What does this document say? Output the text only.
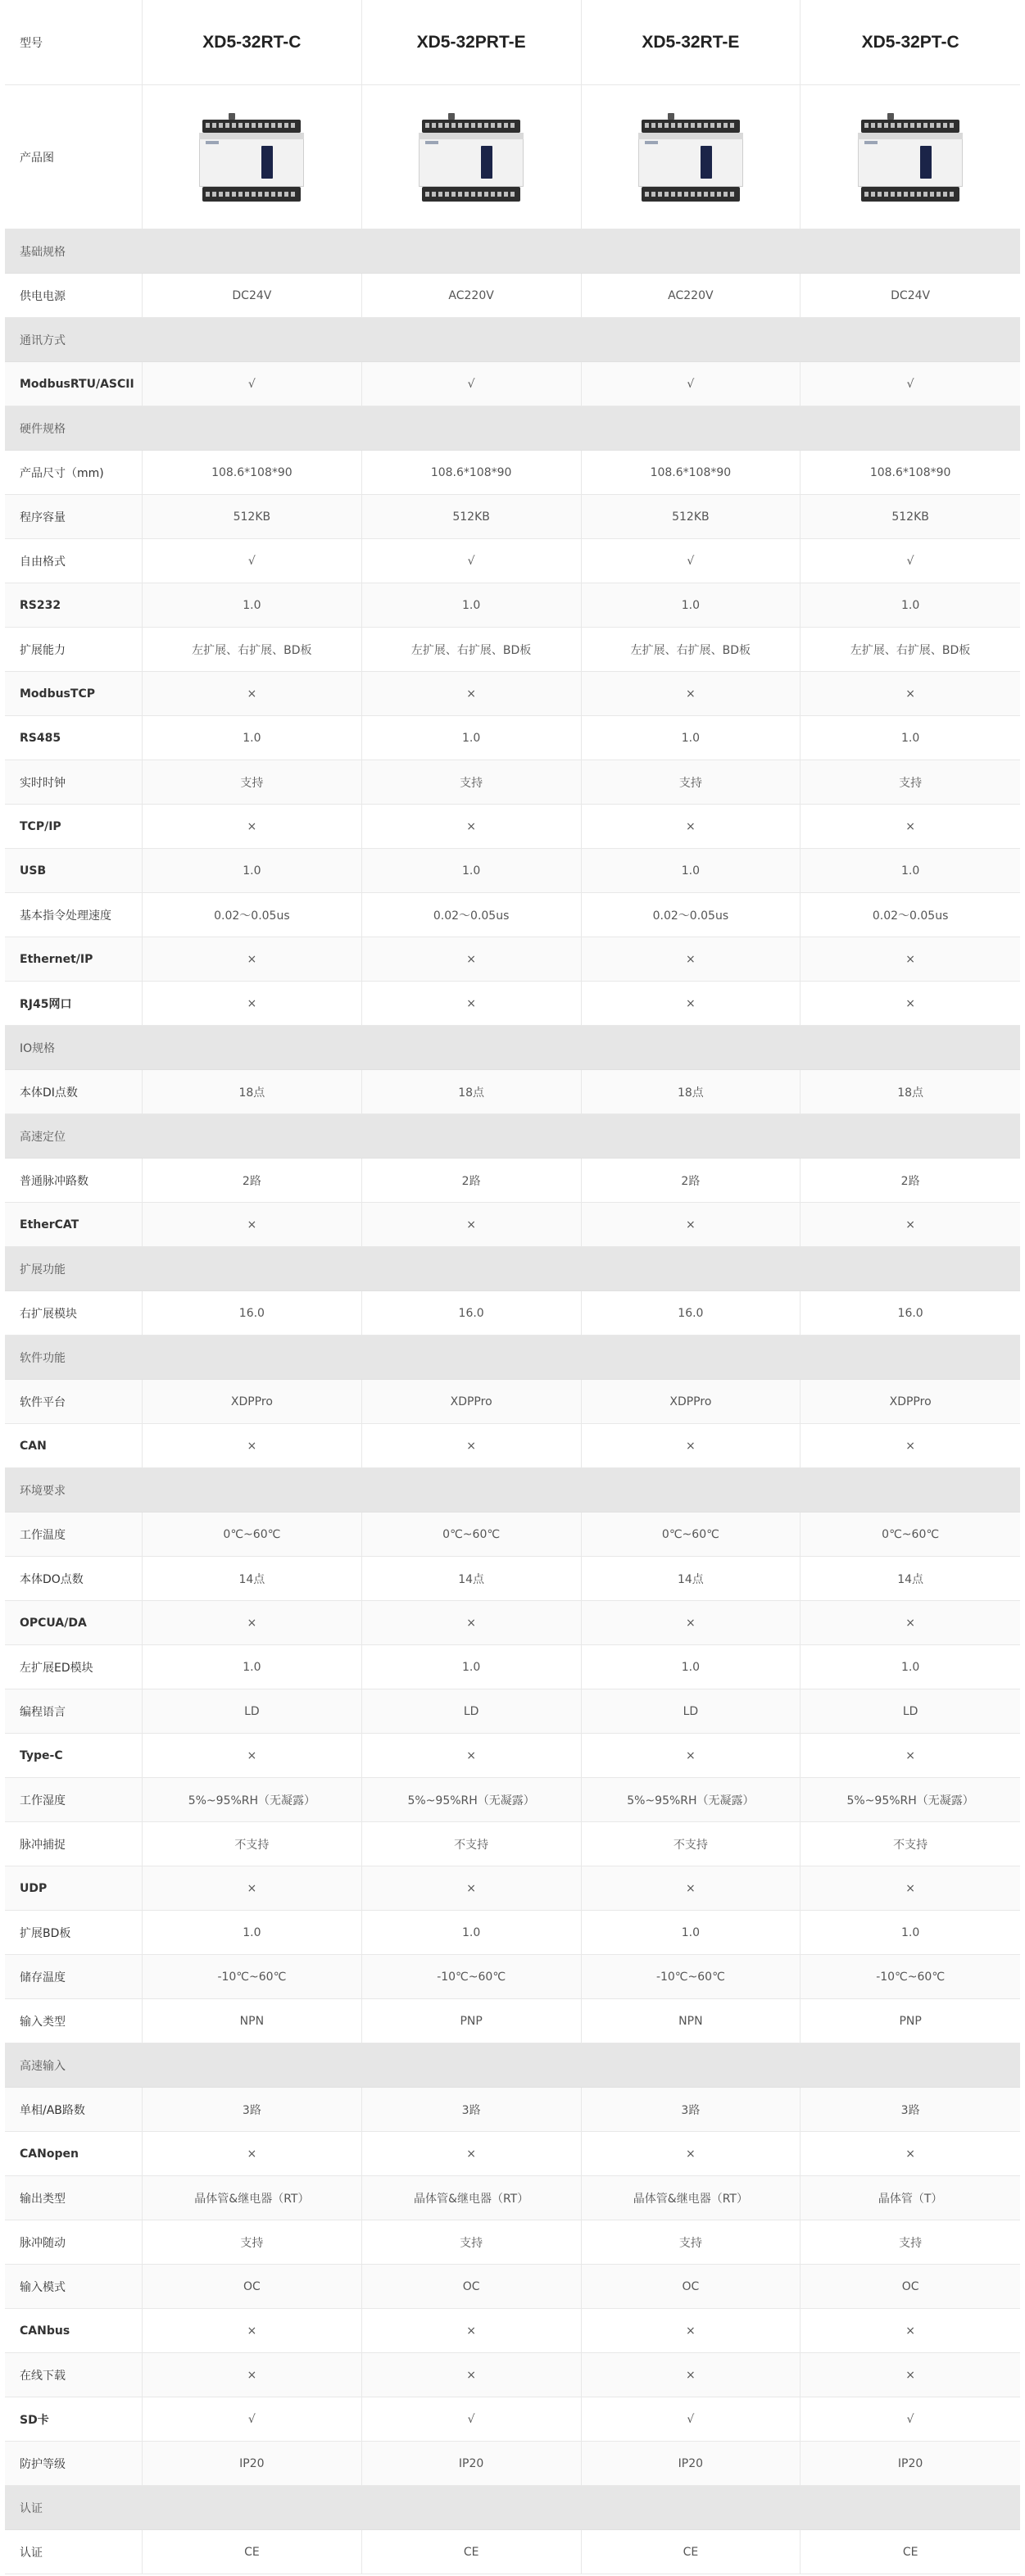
型号	XD5-32RT-C	XD5-32PRT-E	XD5-32RT-E	XD5-32PT-C
产品图
基础规格
供电电源	DC24V	AC220V	AC220V	DC24V
通讯方式
ModbusRTU/ASCII	√	√	√	√
硬件规格
产品尺寸（mm)	108.6*108*90	108.6*108*90	108.6*108*90	108.6*108*90
程序容量	512KB	512KB	512KB	512KB
自由格式	√	√	√	√
RS232	1.0	1.0	1.0	1.0
扩展能力	左扩展、右扩展、BD板	左扩展、右扩展、BD板	左扩展、右扩展、BD板	左扩展、右扩展、BD板
ModbusTCP	×	×	×	×
RS485	1.0	1.0	1.0	1.0
实时时钟	支持	支持	支持	支持
TCP/IP	×	×	×	×
USB	1.0	1.0	1.0	1.0
基本指令处理速度	0.02～0.05us	0.02～0.05us	0.02～0.05us	0.02～0.05us
Ethernet/IP	×	×	×	×
RJ45网口	×	×	×	×
IO规格
本体DI点数	18点	18点	18点	18点
高速定位
普通脉冲路数	2路	2路	2路	2路
EtherCAT	×	×	×	×
扩展功能
右扩展模块	16.0	16.0	16.0	16.0
软件功能
软件平台	XDPPro	XDPPro	XDPPro	XDPPro
CAN	×	×	×	×
环境要求
工作温度	0℃~60℃	0℃~60℃	0℃~60℃	0℃~60℃
本体DO点数	14点	14点	14点	14点
OPCUA/DA	×	×	×	×
左扩展ED模块	1.0	1.0	1.0	1.0
编程语言	LD	LD	LD	LD
Type-C	×	×	×	×
工作湿度	5%~95%RH（无凝露）	5%~95%RH（无凝露）	5%~95%RH（无凝露）	5%~95%RH（无凝露）
脉冲捕捉	不支持	不支持	不支持	不支持
UDP	×	×	×	×
扩展BD板	1.0	1.0	1.0	1.0
储存温度	-10℃~60℃	-10℃~60℃	-10℃~60℃	-10℃~60℃
输入类型	NPN	PNP	NPN	PNP
高速输入
单相/AB路数	3路	3路	3路	3路
CANopen	×	×	×	×
输出类型	晶体管&继电器（RT）	晶体管&继电器（RT）	晶体管&继电器（RT）	晶体管（T）
脉冲随动	支持	支持	支持	支持
输入模式	OC	OC	OC	OC
CANbus	×	×	×	×
在线下载	×	×	×	×
SD卡	√	√	√	√
防护等级	IP20	IP20	IP20	IP20
认证
认证	CE	CE	CE	CE
